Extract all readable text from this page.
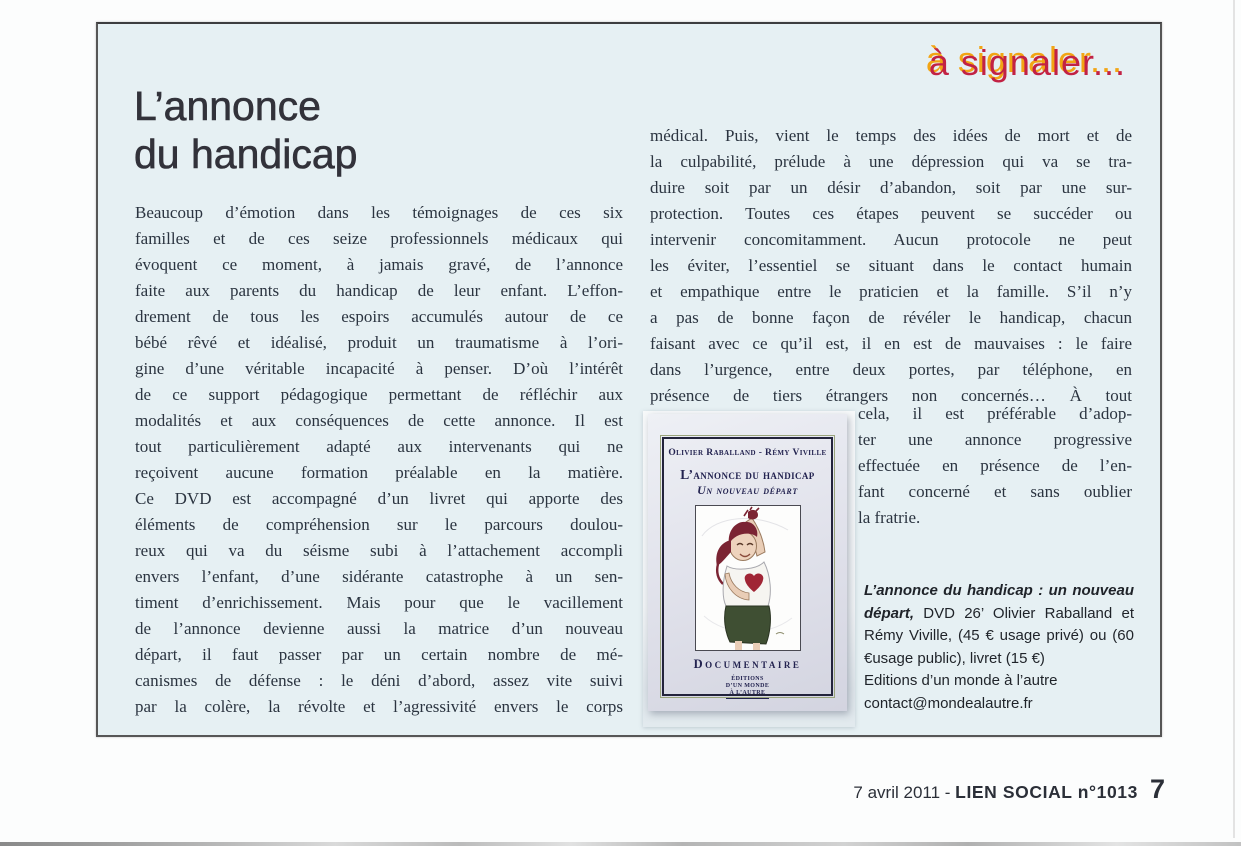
à signaler...
L’annonce
du handicap
Beaucoup d’émotion dans les témoignages de ces six
familles et de ces seize professionnels médicaux qui
évoquent ce moment, à jamais gravé, de l’annonce
faite aux parents du handicap de leur enfant. L’effon-
drement de tous les espoirs accumulés autour de ce
bébé rêvé et idéalisé, produit un traumatisme à l’ori-
gine d’une véritable incapacité à penser. D’où l’intérêt
de ce support pédagogique permettant de réfléchir aux
modalités et aux conséquences de cette annonce. Il est
tout particulièrement adapté aux intervenants qui ne
reçoivent aucune formation préalable en la matière.
Ce DVD est accompagné d’un livret qui apporte des
éléments de compréhension sur le parcours doulou-
reux qui va du séisme subi à l’attachement accompli
envers l’enfant, d’une sidérante catastrophe à un sen-
timent d’enrichissement. Mais pour que le vacillement
de l’annonce devienne aussi la matrice d’un nouveau
départ, il faut passer par un certain nombre de mé-
canismes de défense : le déni d’abord, assez vite suivi
par la colère, la révolte et l’agressivité envers le corps
médical. Puis, vient le temps des idées de mort et de
la culpabilité, prélude à une dépression qui va se tra-
duire soit par un désir d’abandon, soit par une sur-
protection. Toutes ces étapes peuvent se succéder ou
intervenir concomitamment. Aucun protocole ne peut
les éviter, l’essentiel se situant dans le contact humain
et empathique entre le praticien et la famille. S’il n’y
a pas de bonne façon de révéler le handicap, chacun
faisant avec ce qu’il est, il en est de mauvaises : le faire
dans l’urgence, entre deux portes, par téléphone, en
présence de tiers étrangers non concernés… À tout
cela, il est préférable d’adop-
ter une annonce progressive
effectuée en présence de l’en-
fant concerné et sans oublier
la fratrie.
Olivier Raballand - Rémy Viville
L’annonce du handicap
Un nouveau départ
Documentaire
ÉDITIONS
D’UN MONDE
À L’AUTRE
L’annonce du handicap : un nouveau départ, DVD 26’ Olivier Raballand et Rémy Viville, (45 € usage privé) ou (60 €usage public), livret (15 €)
Editions d’un monde à l’autre
contact@mondealautre.fr
7 avril 2011 - LIEN SOCIAL n°1013 7
